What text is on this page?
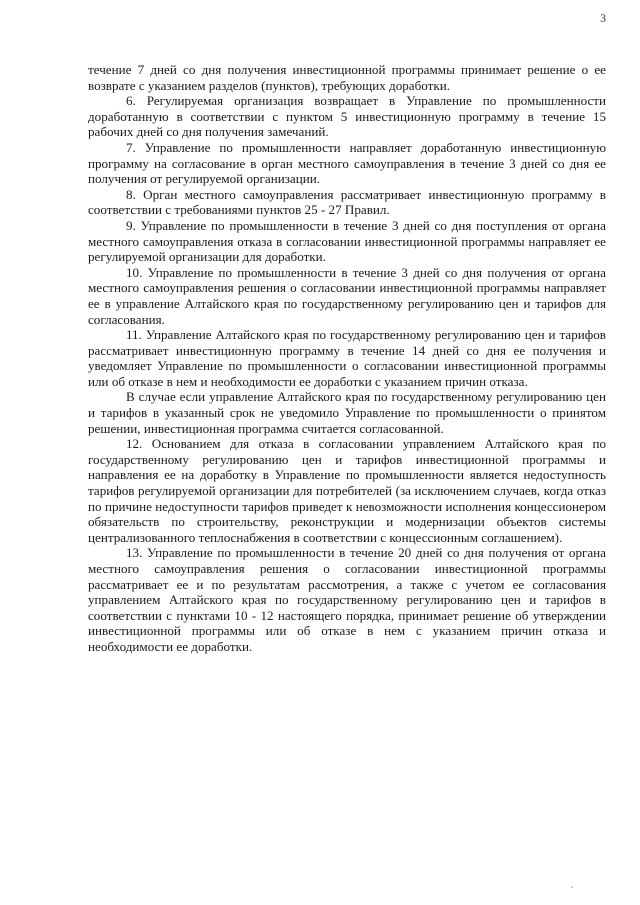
3

течение 7 дней со дня получения инвестиционной программы принимает решение о ее возврате с указанием разделов (пунктов), требующих доработки.

6. Регулируемая организация возвращает в Управление по промышленности доработанную в соответствии с пунктом 5 инвестиционную программу в течение 15 рабочих дней со дня получения замечаний.

7. Управление по промышленности направляет доработанную инвестиционную программу на согласование в орган местного самоуправления в течение 3 дней со дня ее получения от регулируемой организации.

8. Орган местного самоуправления рассматривает инвестиционную программу в соответствии с требованиями пунктов 25 - 27 Правил.

9. Управление по промышленности в течение 3 дней со дня поступления от органа местного самоуправления отказа в согласовании инвестиционной программы направляет ее регулируемой организации для доработки.

10. Управление по промышленности в течение 3 дней со дня получения от органа местного самоуправления решения о согласовании инвестиционной программы направляет ее в управление Алтайского края по государственному регулированию цен и тарифов для согласования.

11. Управление Алтайского края по государственному регулированию цен и тарифов рассматривает инвестиционную программу в течение 14 дней со дня ее получения и уведомляет Управление по промышленности о согласовании инвестиционной программы или об отказе в нем и необходимости ее доработки с указанием причин отказа.

В случае если управление Алтайского края по государственному регулированию цен и тарифов в указанный срок не уведомило Управление по промышленности о принятом решении, инвестиционная программа считается согласованной.

12. Основанием для отказа в согласовании управлением Алтайского края по государственному регулированию цен и тарифов инвестиционной программы и направления ее на доработку в Управление по промышленности является недоступность тарифов регулируемой организации для потребителей (за исключением случаев, когда отказ по причине недоступности тарифов приведет к невозможности исполнения концессионером обязательств по строительству, реконструкции и модернизации объектов системы централизованного теплоснабжения в соответствии с концессионным соглашением).

13. Управление по промышленности в течение 20 дней со дня получения от органа местного самоуправления решения о согласовании инвестиционной программы рассматривает ее и по результатам рассмотрения, а также с учетом ее согласования управлением Алтайского края по государственному регулированию цен и тарифов в соответствии с пунктами 10 - 12 настоящего порядка, принимает решение об утверждении инвестиционной программы или об отказе в нем с указанием причин отказа и необходимости ее доработки.
